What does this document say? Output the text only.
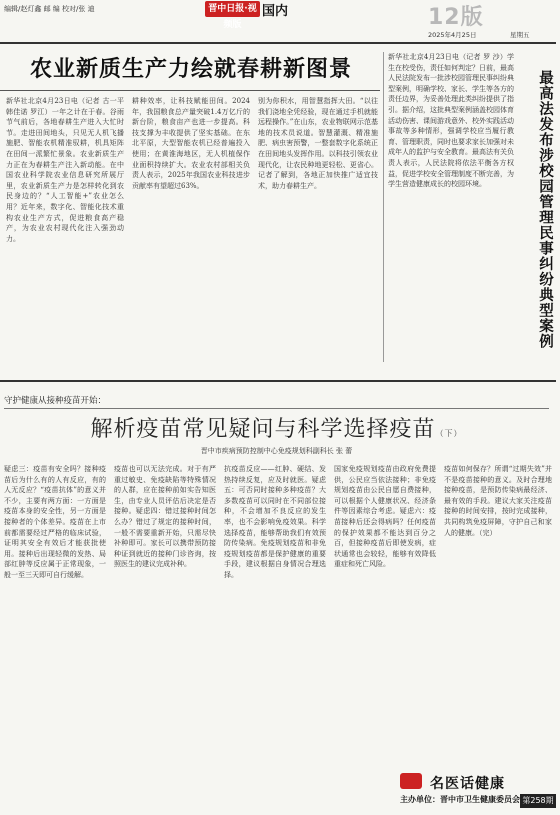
编辑/赵灯鑫 邮 编 校对/张 迪	晋中日报·视频版
国内	12版
2025年4月25日	星期五
农业新质生产力绘就春耕新图景
新华社北京4月23日电（记者 古一平 韩佳诺 罗江）一年之计在于春。谷雨节气前后，各地春耕生产进入大忙时节。走进田间地头，只见无人机飞播施肥、智能农机精准驭耕，机具矩阵在田间一派繁忙景象。农业新质生产力正在为春耕生产注入新动能。在中国农业科学院农业信息研究所展厅里，农业新质生产力是怎样转化到农民身边的？“人工智能+”农业怎么用？近年来，数字化、智能化技术重构农业生产方式，促进粮食高产稳产，为农业农村现代化注入强劲动力。
耕种效率，让科技赋能田间。2024年，我国粮食总产量突破1.4万亿斤的新台阶，粮食亩产也进一步提高。科技支撑为丰收提供了坚实基础。在东北平原，大型智能农机已经普遍投入使用；在黄淮海地区，无人机植保作业面积持续扩大。农业农村部相关负责人表示，2025年我国农业科技进步贡献率有望超过63%。
别为你积水，用智慧指挥大田。“以往我们浇地全凭经验，现在通过手机就能远程操作。”在山东，农业物联网示范基地的技术员说道。智慧灌溉、精准施肥、病虫害预警，一整套数字化系统正在田间地头发挥作用。以科技引领农业现代化，让农民种地更轻松、更省心。记者了解到，各地正加快推广适宜技术，助力春耕生产。
新华社北京4月23日电（记者 罗 沙）学生在校受伤，责任如何判定？日前，最高人民法院发布一批涉校园管理民事纠纷典型案例，明确学校、家长、学生等各方的责任边界，为妥善处理此类纠纷提供了指引。据介绍，这批典型案例涵盖校园体育活动伤害、课间游戏意外、校外实践活动事故等多种情形，强调学校应当履行教育、管理职责，同时也要求家长加强对未成年人的监护与安全教育。最高法有关负责人表示，人民法院将依法平衡各方权益，促进学校安全管理制度不断完善，为学生营造健康成长的校园环境。	最高法发布涉校园管理民事纠纷典型案例
守护健康从接种疫苗开始：
解析疫苗常见疑问与科学选择疫苗（下）
晋中市疾病预防控制中心免疫规划科副科长 张 蕾
疑虑三：疫苗有安全吗？接种疫苗后为什么有的人有反应，有的人无反应？“疫苗抗体”的意义并不少，主要有两方面：一方面是疫苗本身的安全性，另一方面是接种者的个体差异。疫苗在上市前都需要经过严格的临床试验，证明其安全有效后才能获批使用。接种后出现轻微的发热、局部红肿等反应属于正常现象，一般一至三天即可自行缓解。
疫苗也可以无法完成。对于有严重过敏史、免疫缺陷等特殊情况的人群，应在接种前如实告知医生，由专业人员评估后决定是否接种。疑虑四：错过接种时间怎么办？错过了规定的接种时间，一般不需要重新开始，只需尽快补种即可。家长可以携带预防接种证到就近的接种门诊咨询，按照医生的建议完成补种。
抗疫苗反应——红肿、硬结、发热持续反复，应及时就医。疑虑五：可否同时接种多种疫苗？大多数疫苗可以同时在不同部位接种，不会增加不良反应的发生率，也不会影响免疫效果。科学选择疫苗，能够帮助我们有效预防传染病。免疫规划疫苗和非免疫规划疫苗都是保护健康的重要手段，建议根据自身情况合理选择。
国家免疫规划疫苗由政府免费提供，公民应当依法接种；非免疫规划疫苗由公民自愿自费接种，可以根据个人健康状况、经济条件等因素综合考虑。疑虑六：疫苗接种后还会得病吗？任何疫苗的保护效果都不能达到百分之百，但接种疫苗后即使发病，症状通常也会较轻，能够有效降低重症和死亡风险。
疫苗如何保存？所谓“过期失效”并不是疫苗接种的意义。及时合理地接种疫苗，是预防传染病最经济、最有效的手段。建议大家关注疫苗接种的时间安排，按时完成接种，共同构筑免疫屏障，守护自己和家人的健康。（完）
名医话健康
主办单位：晋中市卫生健康委员会 第258期
